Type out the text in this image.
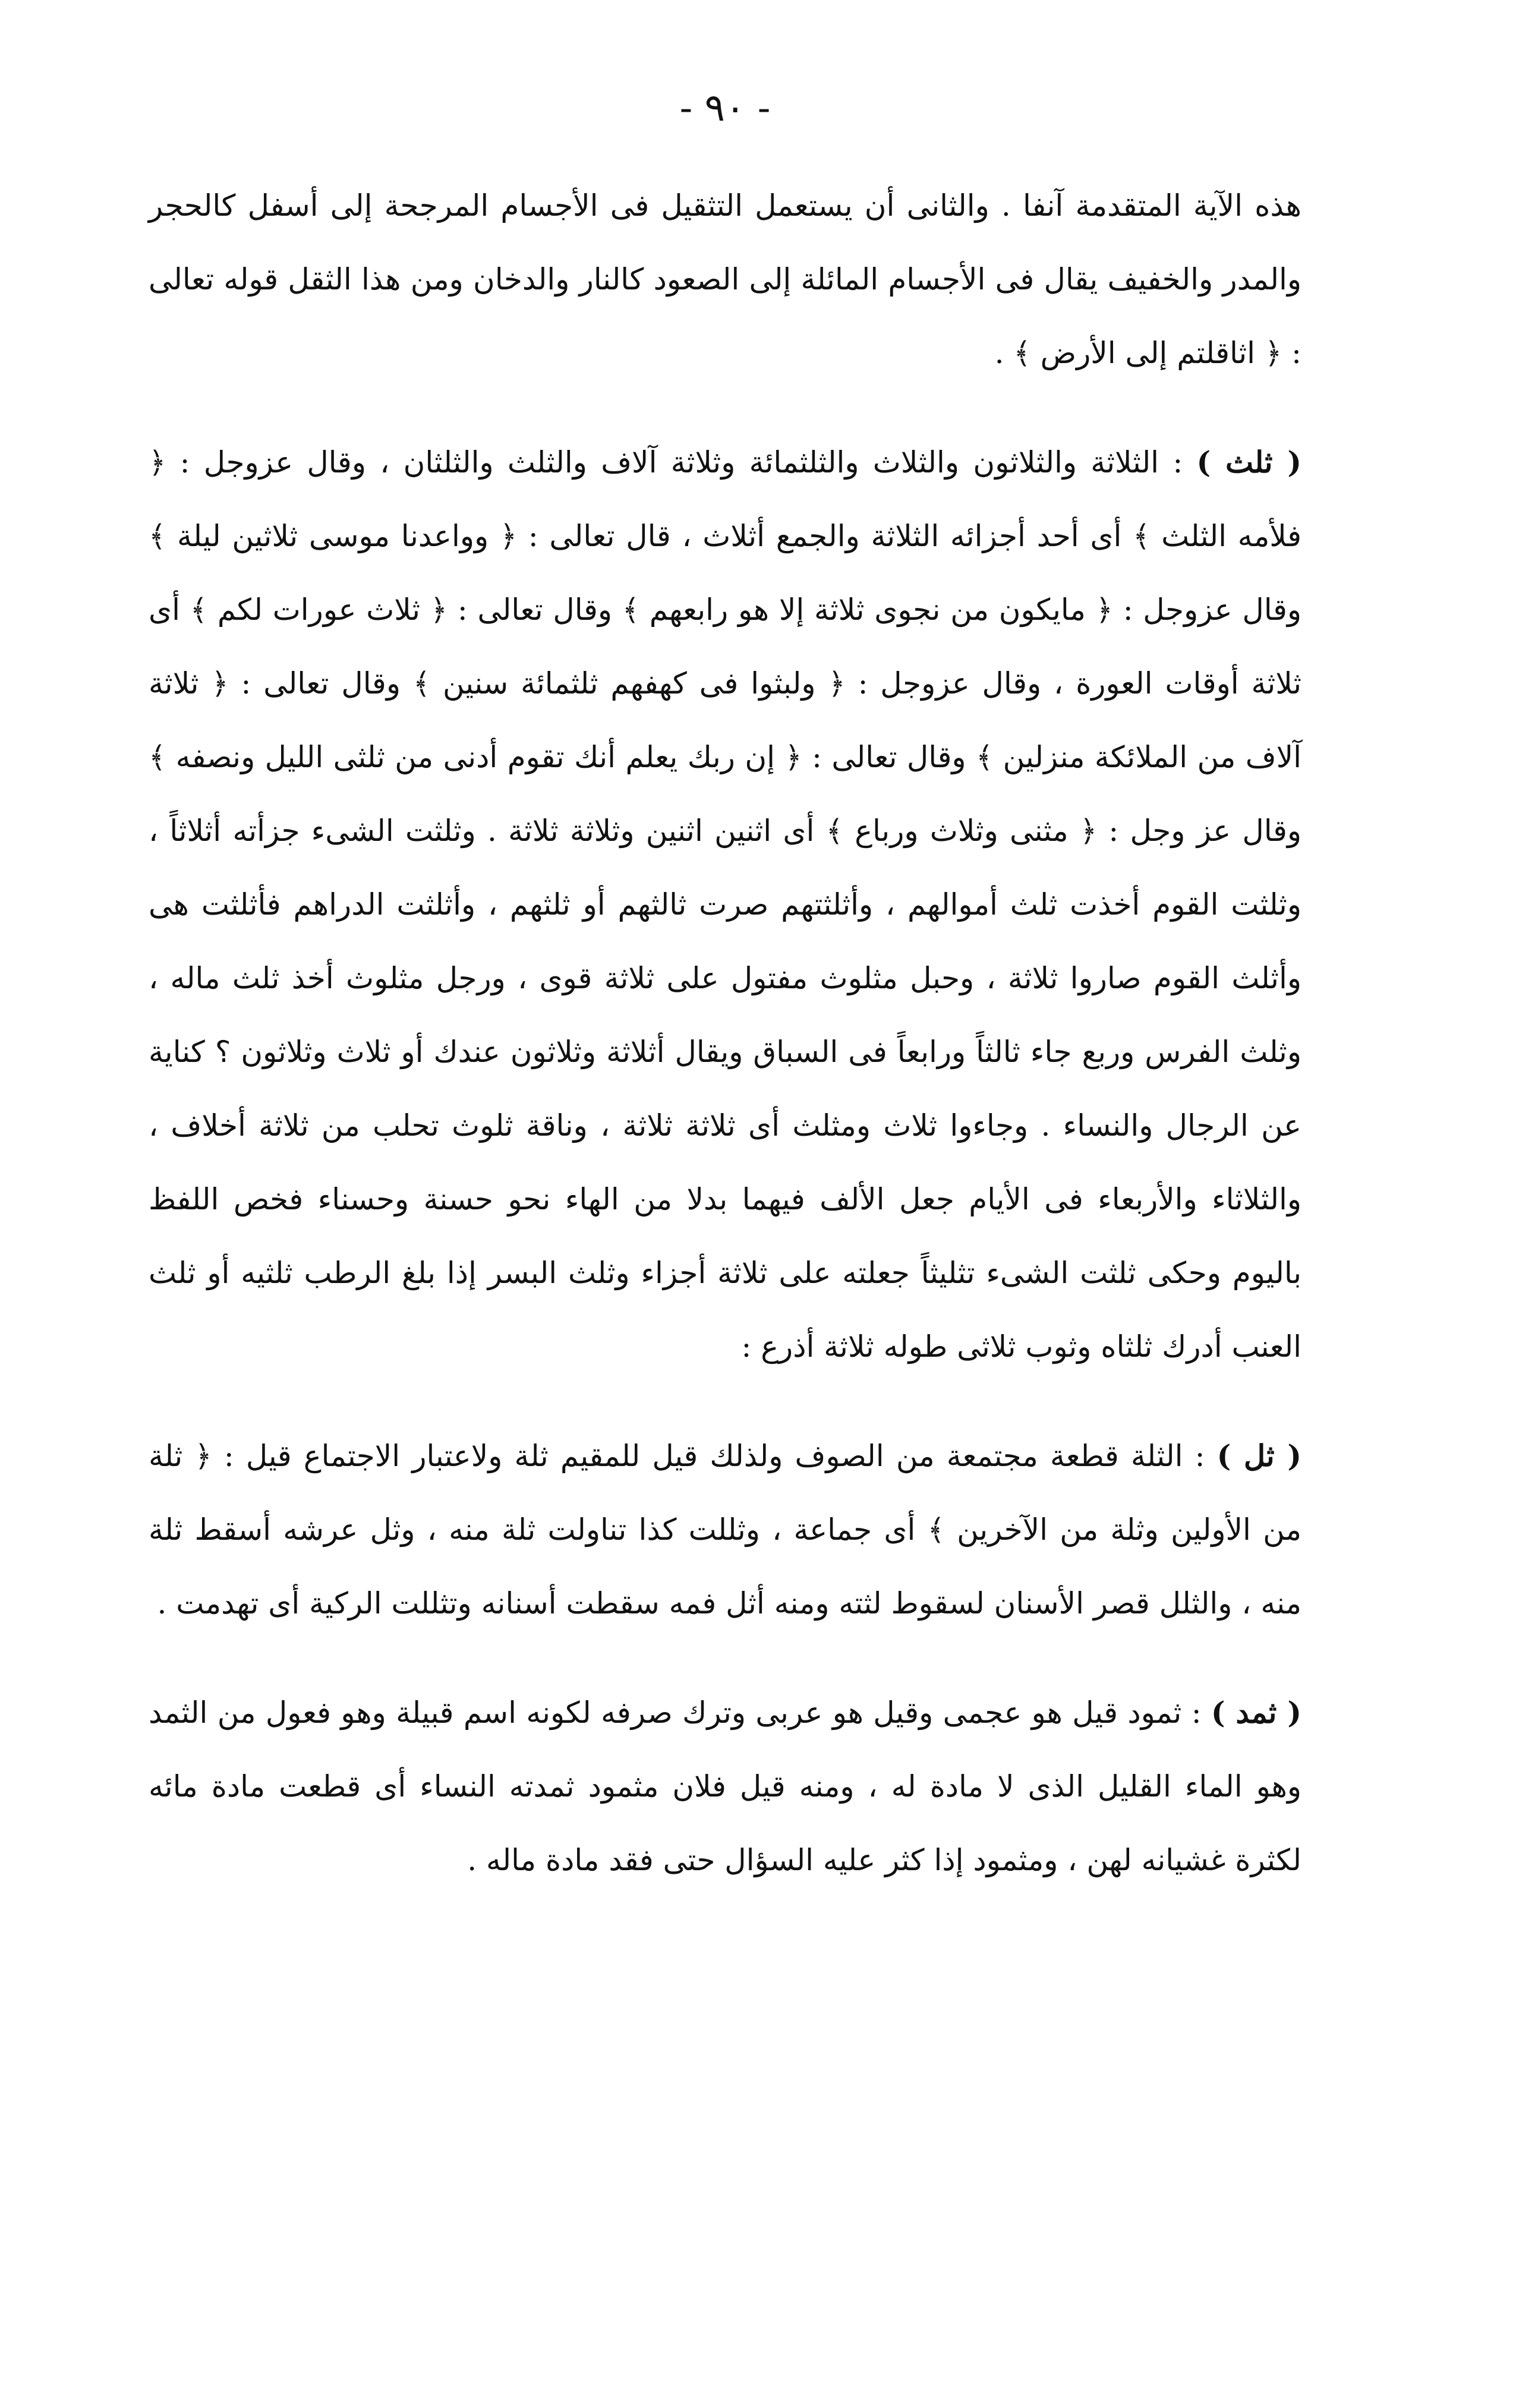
- ٩٠ -

هذه الآية المتقدمة آنفا . والثانى أن يستعمل التثقيل فى الأجسام المرجحة إلى أسفل كالحجر والمدر والخفيف يقال فى الأجسام المائلة إلى الصعود كالنار والدخان ومن هذا الثقل قوله تعالى : ﴿ اثاقلتم إلى الأرض ﴾ .

( ثلث ) : الثلاثة والثلاثون والثلاث والثلثمائة وثلاثة آلاف والثلث والثلثان ، وقال عزوجل : ﴿ فلأمه الثلث ﴾ أى أحد أجزائه الثلاثة والجمع أثلاث ، قال تعالى : ﴿ وواعدنا موسى ثلاثين ليلة ﴾ وقال عزوجل : ﴿ مايكون من نجوى ثلاثة إلا هو رابعهم ﴾ وقال تعالى : ﴿ ثلاث عورات لكم ﴾ أى ثلاثة أوقات العورة ، وقال عزوجل : ﴿ ولبثوا فى كهفهم ثلثمائة سنين ﴾ وقال تعالى : ﴿ ثلاثة آلاف من الملائكة منزلين ﴾ وقال تعالى : ﴿ إن ربك يعلم أنك تقوم أدنى من ثلثى الليل ونصفه ﴾ وقال عز وجل : ﴿ مثنى وثلاث ورباع ﴾ أى اثنين اثنين وثلاثة ثلاثة . وثلثت الشىء جزأته أثلاثاً ، وثلثت القوم أخذت ثلث أموالهم ، وأثلثتهم صرت ثالثهم أو ثلثهم ، وأثلثت الدراهم فأثلثت هى وأثلث القوم صاروا ثلاثة ، وحبل مثلوث مفتول على ثلاثة قوى ، ورجل مثلوث أخذ ثلث ماله ، وثلث الفرس وربع جاء ثالثاً ورابعاً فى السباق ويقال أثلاثة وثلاثون عندك أو ثلاث وثلاثون ؟ كناية عن الرجال والنساء . وجاءوا ثلاث ومثلث أى ثلاثة ثلاثة ، وناقة ثلوث تحلب من ثلاثة أخلاف ، والثلاثاء والأربعاء فى الأيام جعل الألف فيهما بدلا من الهاء نحو حسنة وحسناء فخص اللفظ باليوم وحكى ثلثت الشىء تثليثاً جعلته على ثلاثة أجزاء وثلث البسر إذا بلغ الرطب ثلثيه أو ثلث العنب أدرك ثلثاه وثوب ثلاثى طوله ثلاثة أذرع :

( ثل ) : الثلة قطعة مجتمعة من الصوف ولذلك قيل للمقيم ثلة ولاعتبار الاجتماع قيل : ﴿ ثلة من الأولين وثلة من الآخرين ﴾ أى جماعة ، وثللت كذا تناولت ثلة منه ، وثل عرشه أسقط ثلة منه ، والثلل قصر الأسنان لسقوط لثته ومنه أثل فمه سقطت أسنانه وتثللت الركية أى تهدمت .

( ثمد ) : ثمود قيل هو عجمى وقيل هو عربى وترك صرفه لكونه اسم قبيلة وهو فعول من الثمد وهو الماء القليل الذى لا مادة له ، ومنه قيل فلان مثمود ثمدته النساء أى قطعت مادة مائه لكثرة غشيانه لهن ، ومثمود إذا كثر عليه السؤال حتى فقد مادة ماله .
